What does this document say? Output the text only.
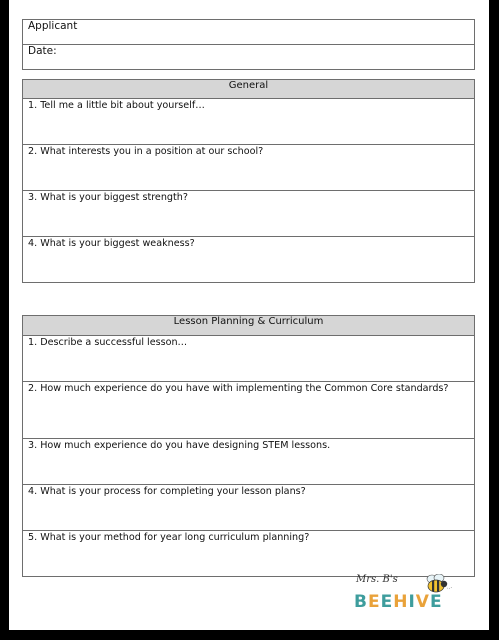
Applicant
Date:
General
1. Tell me a little bit about yourself…
2. What interests you in a position at our school?
3. What is your biggest strength?
4. What is your biggest weakness?
Lesson Planning & Curriculum
1. Describe a successful lesson…
2. How much experience do you have with implementing the Common Core standards?
3. How much experience do you have designing STEM lessons.
4. What is your process for completing your lesson plans?
5. What is your method for year long curriculum planning?
Mrs. B's
BEEHIVE
